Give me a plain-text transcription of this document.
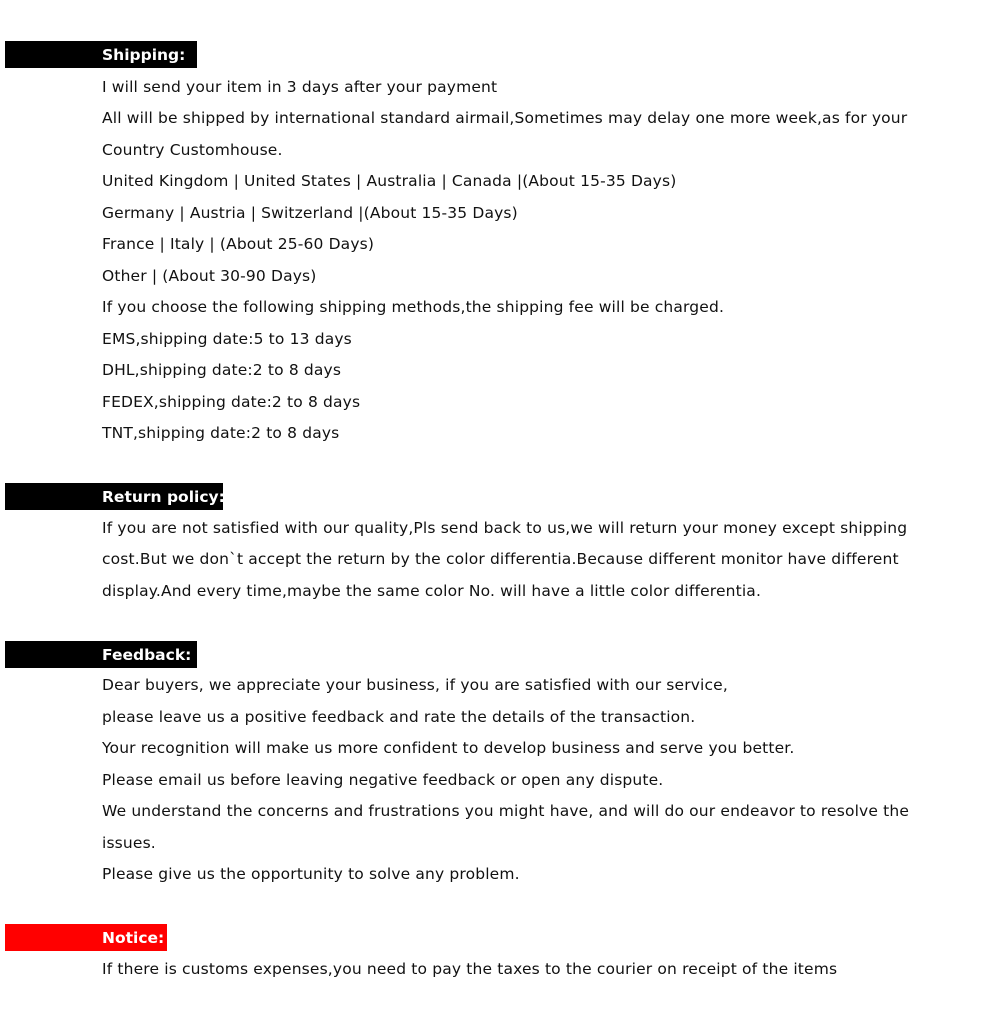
Shipping:
I will send your item in 3 days after your payment
All will be shipped by international standard airmail,Sometimes may delay one more week,as for your
Country Customhouse.
United Kingdom | United States | Australia | Canada |(About 15-35 Days)
Germany | Austria | Switzerland |(About 15-35 Days)
France | Italy | (About 25-60 Days)
Other | (About 30-90 Days)
If you choose the following shipping methods,the shipping fee will be charged.
EMS,shipping date:5 to 13 days
DHL,shipping date:2 to 8 days
FEDEX,shipping date:2 to 8 days
TNT,shipping date:2 to 8 days
Return policy:
If you are not satisfied with our quality,Pls send back to us,we will return your money except shipping
cost.But we don`t accept the return by the color differentia.Because different monitor have different
display.And every time,maybe the same color No. will have a little color differentia.
Feedback:
Dear buyers, we appreciate your business, if you are satisfied with our service,
please leave us a positive feedback and rate the details of the transaction.
Your recognition will make us more confident to develop business and serve you better.
Please email us before leaving negative feedback or open any dispute.
We understand the concerns and frustrations you might have, and will do our endeavor to resolve the
issues.
Please give us the opportunity to solve any problem.
Notice:
If there is customs expenses,you need to pay the taxes to the courier on receipt of the items
